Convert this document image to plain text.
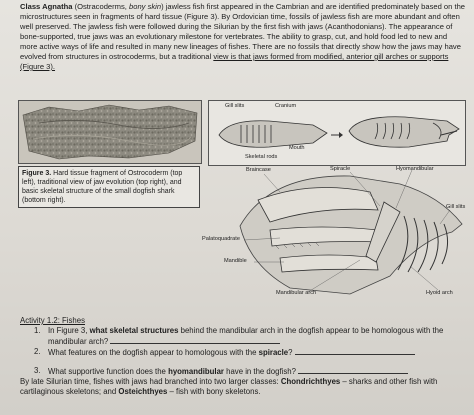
Class Agnatha (Ostracoderms, bony skin) jawless fish first appeared in the Cambrian and are identified predominately based on the microstructures seen in fragments of hard tissue (Figure 3). By Ordovician time, fossils of jawless fish are more abundant and often well preserved. The jawless fish were followed during the Silurian by the first fish with jaws (Acanthodonians). The appearance of bone-supported, true jaws was an evolutionary milestone for vertebrates. The ability to grasp, cut, and hold food led to new and more active ways of life and resulted in many new lineages of fishes. There are no fossils that directly show how the jaws may have evolved from structures in ostrocoderms, but a traditional view is that jaws formed from modified, anterior gill arches or supports (Figure 3).
Figure 3. Hard tissue fragment of Ostrocoderm (top left), traditional view of jaw evolution (top right), and basic skeletal structure of the small dogfish shark (bottom right).
Gill slits	Cranium
Mouth
Skeletal rods
Braincase	Spiracle	Hyomandibular
Gill slits
Palatoquadrate
Mandible
Mandibular arch	Hyoid arch
Activity 1.2: Fishes
1. In Figure 3, what skeletal structures behind the mandibular arch in the dogfish appear to be homologous with the mandibular arch?
2. What features on the dogfish appear to homologous with the spiracle?
3. What supportive function does the hyomandibular have in the dogfish?
By late Silurian time, fishes with jaws had branched into two larger classes: Chondrichthyes – sharks and other fish with cartilaginous skeletons; and Osteichthyes – fish with bony skeletons.
